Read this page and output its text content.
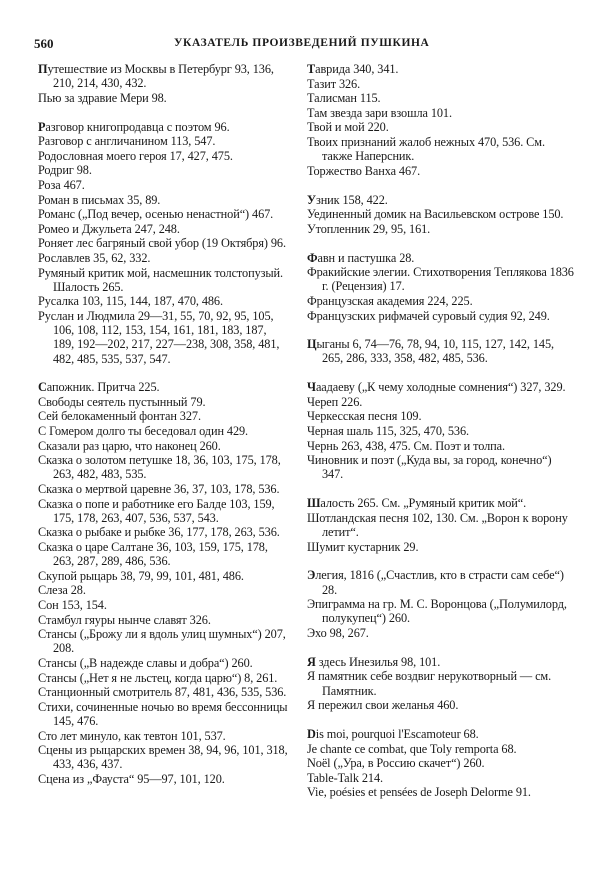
560	УКАЗАТЕЛЬ ПРОИЗВЕДЕНИЙ ПУШКИНА
Путешествие из Москвы в Петербург 93, 136, 210, 214, 430, 432.
Пью за здравие Мери 98.
Разговор книгопродавца с поэтом 96.
Разговор с англичанином 113, 547.
Родословная моего героя 17, 427, 475.
Родриг 98.
Роза 467.
Роман в письмах 35, 89.
Романс („Под вечер, осенью ненастной“) 467.
Ромео и Джульета 247, 248.
Роняет лес багряный свой убор (19 Октября) 96.
Рославлев 35, 62, 332.
Румяный критик мой, насмешник толстопузый. Шалость 265.
Русалка 103, 115, 144, 187, 470, 486.
Руслан и Людмила 29—31, 55, 70, 92, 95, 105, 106, 108, 112, 153, 154, 161, 181, 183, 187, 189, 192—202, 217, 227—238, 308, 358, 481, 482, 485, 535, 537, 547.
Сапожник. Притча 225.
Свободы сеятель пустынный 79.
Сей белокаменный фонтан 327.
С Гомером долго ты беседовал один 429.
Сказали раз царю, что наконец 260.
Сказка о золотом петушке 18, 36, 103, 175, 178, 263, 482, 483, 535.
Сказка о мертвой царевне 36, 37, 103, 178, 536.
Сказка о попе и работнике его Балде 103, 159, 175, 178, 263, 407, 536, 537, 543.
Сказка о рыбаке и рыбке 36, 177, 178, 263, 536.
Сказка о царе Салтане 36, 103, 159, 175, 178, 263, 287, 289, 486, 536.
Скупой рыцарь 38, 79, 99, 101, 481, 486.
Слеза 28.
Сон 153, 154.
Стамбул гяуры нынче славят 326.
Стансы („Брожу ли я вдоль улиц шумных“) 207, 208.
Стансы („В надежде славы и добра“) 260.
Стансы („Нет я не льстец, когда царю“) 8, 261.
Станционный смотритель 87, 481, 436, 535, 536.
Стихи, сочиненные ночью во время бессонницы 145, 476.
Сто лет минуло, как тевтон 101, 537.
Сцены из рыцарских времен 38, 94, 96, 101, 318, 433, 436, 437.
Сцена из „Фауста“ 95—97, 101, 120.
Таврида 340, 341.
Тазит 326.
Талисман 115.
Там звезда зари взошла 101.
Твой и мой 220.
Твоих признаний жалоб нежных 470, 536. См. также Наперсник.
Торжество Ванха 467.
Узник 158, 422.
Уединенный домик на Васильевском острове 150.
Утопленник 29, 95, 161.
Фавн и пастушка 28.
Фракийские элегии. Стихотворения Теплякова 1836 г. (Рецензия) 17.
Французская академия 224, 225.
Французских рифмачей суровый судия 92, 249.
Цыганы 6, 74—76, 78, 94, 10, 115, 127, 142, 145, 265, 286, 333, 358, 482, 485, 536.
Чаадаеву („К чему холодные сомнения“) 327, 329.
Череп 226.
Черкесская песня 109.
Черная шаль 115, 325, 470, 536.
Чернь 263, 438, 475. См. Поэт и толпа.
Чиновник и поэт („Куда вы, за город, конечно“) 347.
Шалость 265. См. „Румяный критик мой“.
Шотландская песня 102, 130. См. „Ворон к ворону летит“.
Шумит кустарник 29.
Элегия, 1816 („Счастлив, кто в страсти сам себе“) 28.
Эпиграмма на гр. М. С. Воронцова („Полумилорд, полукупец“) 260.
Эхо 98, 267.
Я здесь Инезилья 98, 101.
Я памятник себе воздвиг нерукотворный — см. Памятник.
Я пережил свои желанья 460.
Dis moi, pourquoi l'Escamoteur 68.
Je chante ce combat, que Toly remporta 68.
Noël („Ура, в Россию скачет“) 260.
Table-Talk 214.
Vie, poésies et pensées de Joseph Delorme 91.
